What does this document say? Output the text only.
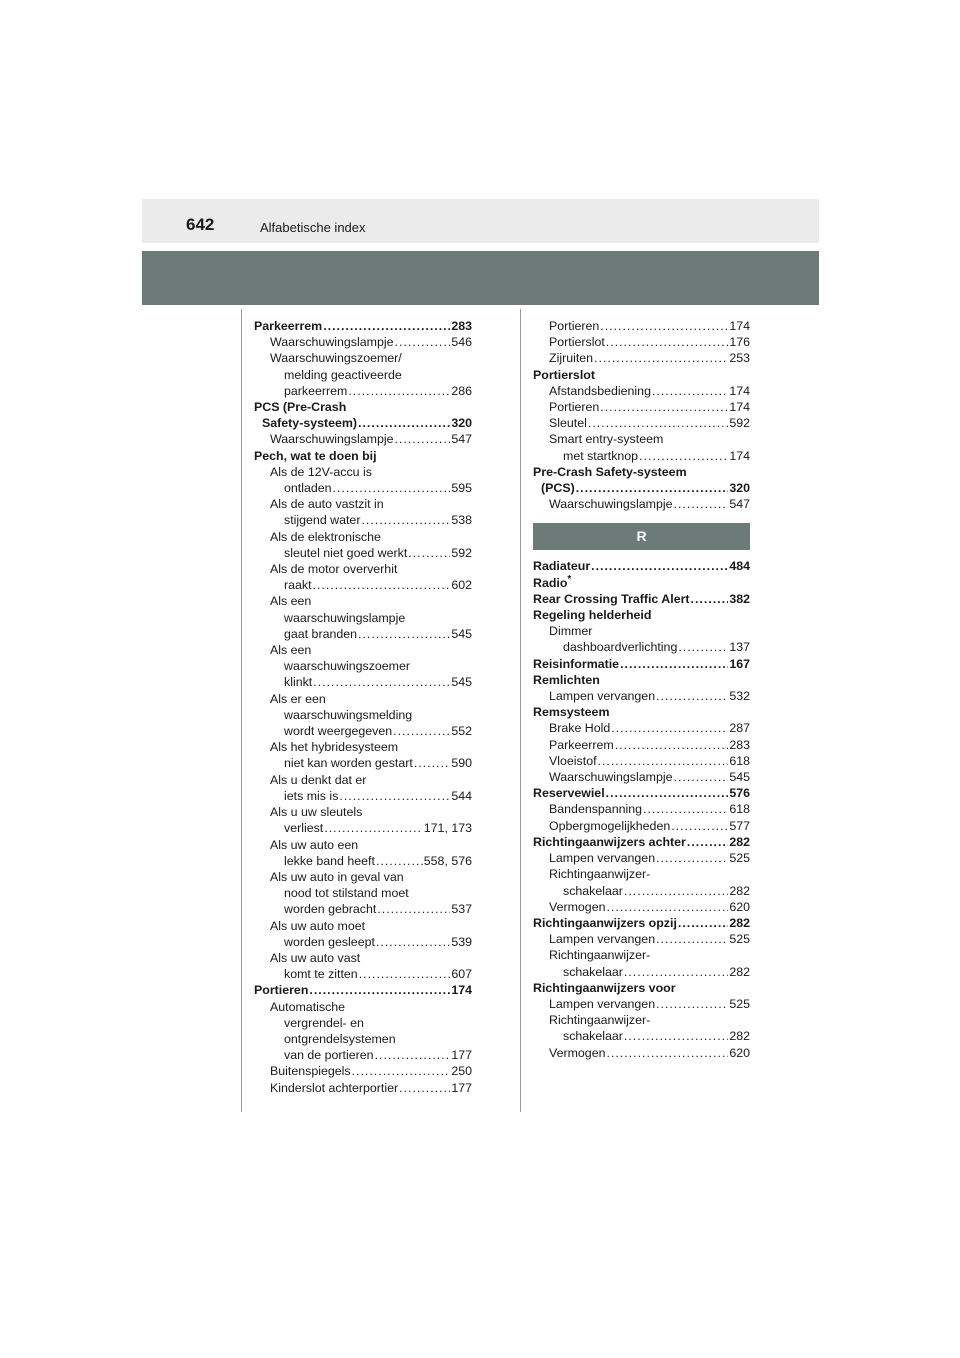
642	Alfabetische index
Parkeerrem .....	283
Waarschuwingslampje .....	546
Waarschuwingszoemer/
melding geactiveerde
parkeerrem .....	286
PCS (Pre-Crash
Safety-systeem) .....	320
Waarschuwingslampje .....	547
Pech, wat te doen bij
Als de 12V-accu is
ontladen .....	595
Als de auto vastzit in
stijgend water .....	538
Als de elektronische
sleutel niet goed werkt .....	592
Als de motor oververhit
raakt .....	602
Als een
waarschuwingslampje
gaat branden .....	545
Als een
waarschuwingszoemer
klinkt .....	545
Als er een
waarschuwingsmelding
wordt weergegeven .....	552
Als het hybridesysteem
niet kan worden gestart .....	590
Als u denkt dat er
iets mis is .....	544
Als u uw sleutels
verliest .....	171, 173
Als uw auto een
lekke band heeft .....	558, 576
Als uw auto in geval van
nood tot stilstand moet
worden gebracht .....	537
Als uw auto moet
worden gesleept .....	539
Als uw auto vast
komt te zitten .....	607
Portieren .....	174
Automatische
vergrendel- en
ontgrendelsystemen
van de portieren .....	177
Buitenspiegels .....	250
Kinderslot achterportier .....	177
Portieren .....	174
Portierslot .....	176
Zijruiten .....	253
Portierslot
Afstandsbediening .....	174
Portieren .....	174
Sleutel .....	592
Smart entry-systeem
met startknop .....	174
Pre-Crash Safety-systeem
(PCS) .....	320
Waarschuwingslampje .....	547
R
Radiateur .....	484
Radio*
Rear Crossing Traffic Alert .....	382
Regeling helderheid
Dimmer
dashboardverlichting .....	137
Reisinformatie .....	167
Remlichten
Lampen vervangen .....	532
Remsysteem
Brake Hold .....	287
Parkeerrem .....	283
Vloeistof .....	618
Waarschuwingslampje .....	545
Reservewiel .....	576
Bandenspanning .....	618
Opbergmogelijkheden .....	577
Richtingaanwijzers achter .....	282
Lampen vervangen .....	525
Richtingaanwijzer-
schakelaar .....	282
Vermogen .....	620
Richtingaanwijzers opzij .....	282
Lampen vervangen .....	525
Richtingaanwijzer-
schakelaar .....	282
Richtingaanwijzers voor
Lampen vervangen .....	525
Richtingaanwijzer-
schakelaar .....	282
Vermogen .....	620
